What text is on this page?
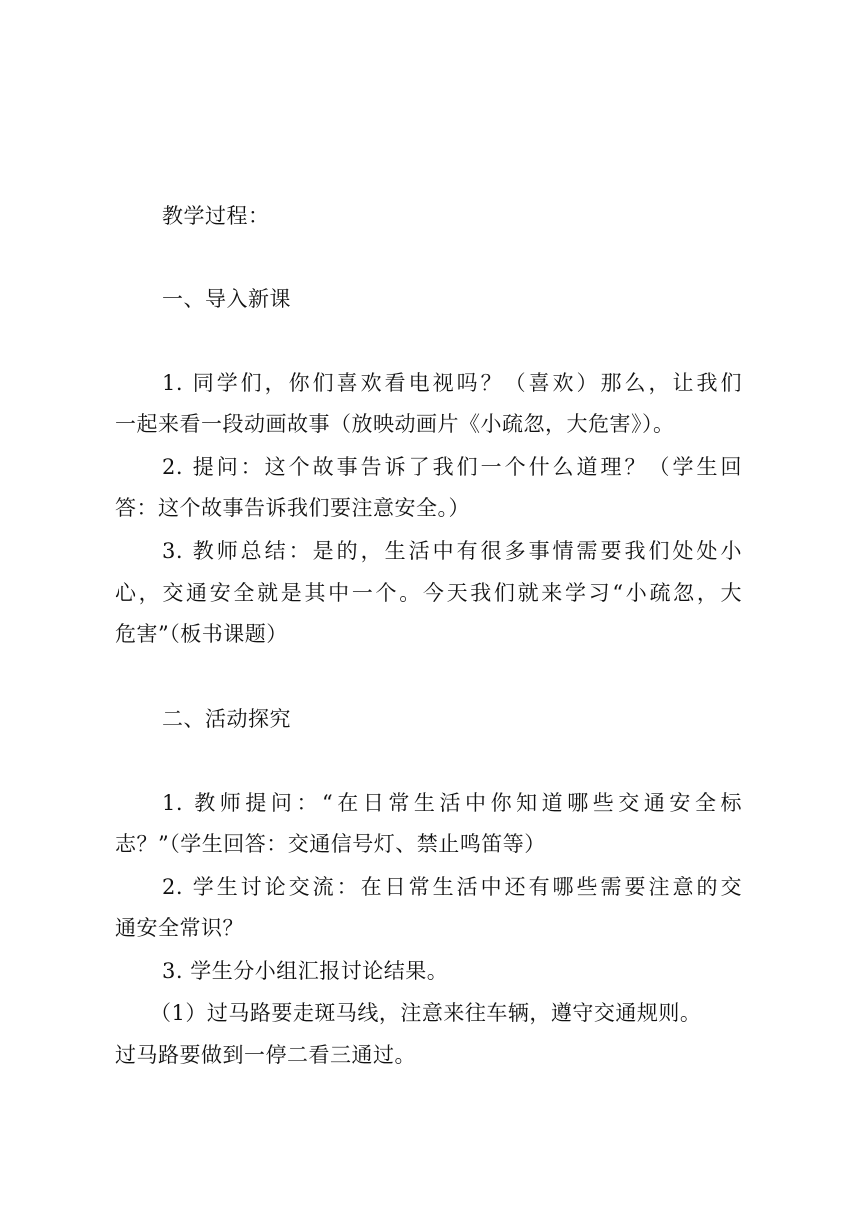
教学过程：
一、导入新课
1. 同学们，你们喜欢看电视吗？（喜欢）那么，让我们
一起来看一段动画故事（放映动画片《小疏忽，大危害》）。
2. 提问：这个故事告诉了我们一个什么道理？（学生回
答：这个故事告诉我们要注意安全。）
3. 教师总结：是的，生活中有很多事情需要我们处处小
心，交通安全就是其中一个。今天我们就来学习“小疏忽，大
危害”（板书课题）
二、活动探究
1. 教师提问：“在日常生活中你知道哪些交通安全标
志？”（学生回答：交通信号灯、禁止鸣笛等）
2. 学生讨论交流：在日常生活中还有哪些需要注意的交
通安全常识？
3. 学生分小组汇报讨论结果。
（1）过马路要走斑马线，注意来往车辆，遵守交通规则。
过马路要做到一停二看三通过。
